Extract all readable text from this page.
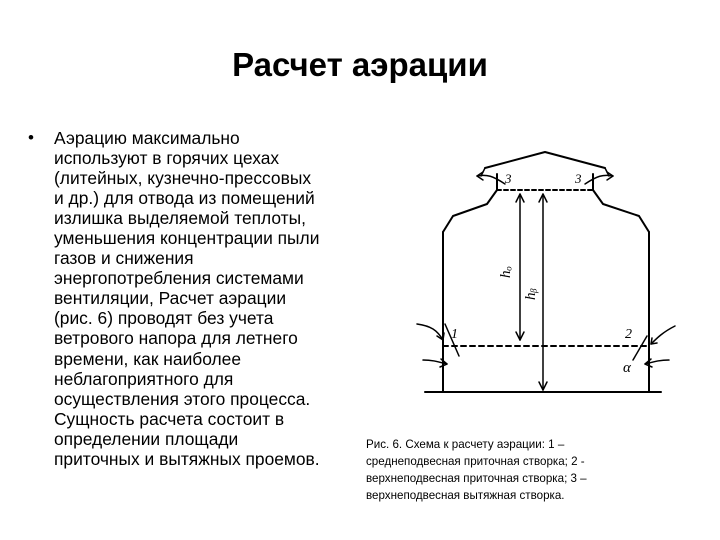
Расчет аэрации
• Аэрацию максимально
используют в горячих цехах
(литейных, кузнечно-прессовых
и др.) для отвода из помещений
излишка выделяемой теплоты,
уменьшения концентрации пыли
газов и снижения
энергопотребления системами
вентиляции, Расчет аэрации
(рис. 6) проводят без учета
ветрового напора для летнего
времени, как наиболее
неблагоприятного для
осуществления этого процесса.
Сущность расчета состоит в
определении площади
приточных и вытяжных проемов.
3	3
hₒ
hᵦ
1	2
α
Рис. 6. Схема к расчету аэрации: 1 –
среднеподвесная приточная створка; 2 -
верхнеподвесная приточная створка; 3 –
верхнеподвесная вытяжная створка.
